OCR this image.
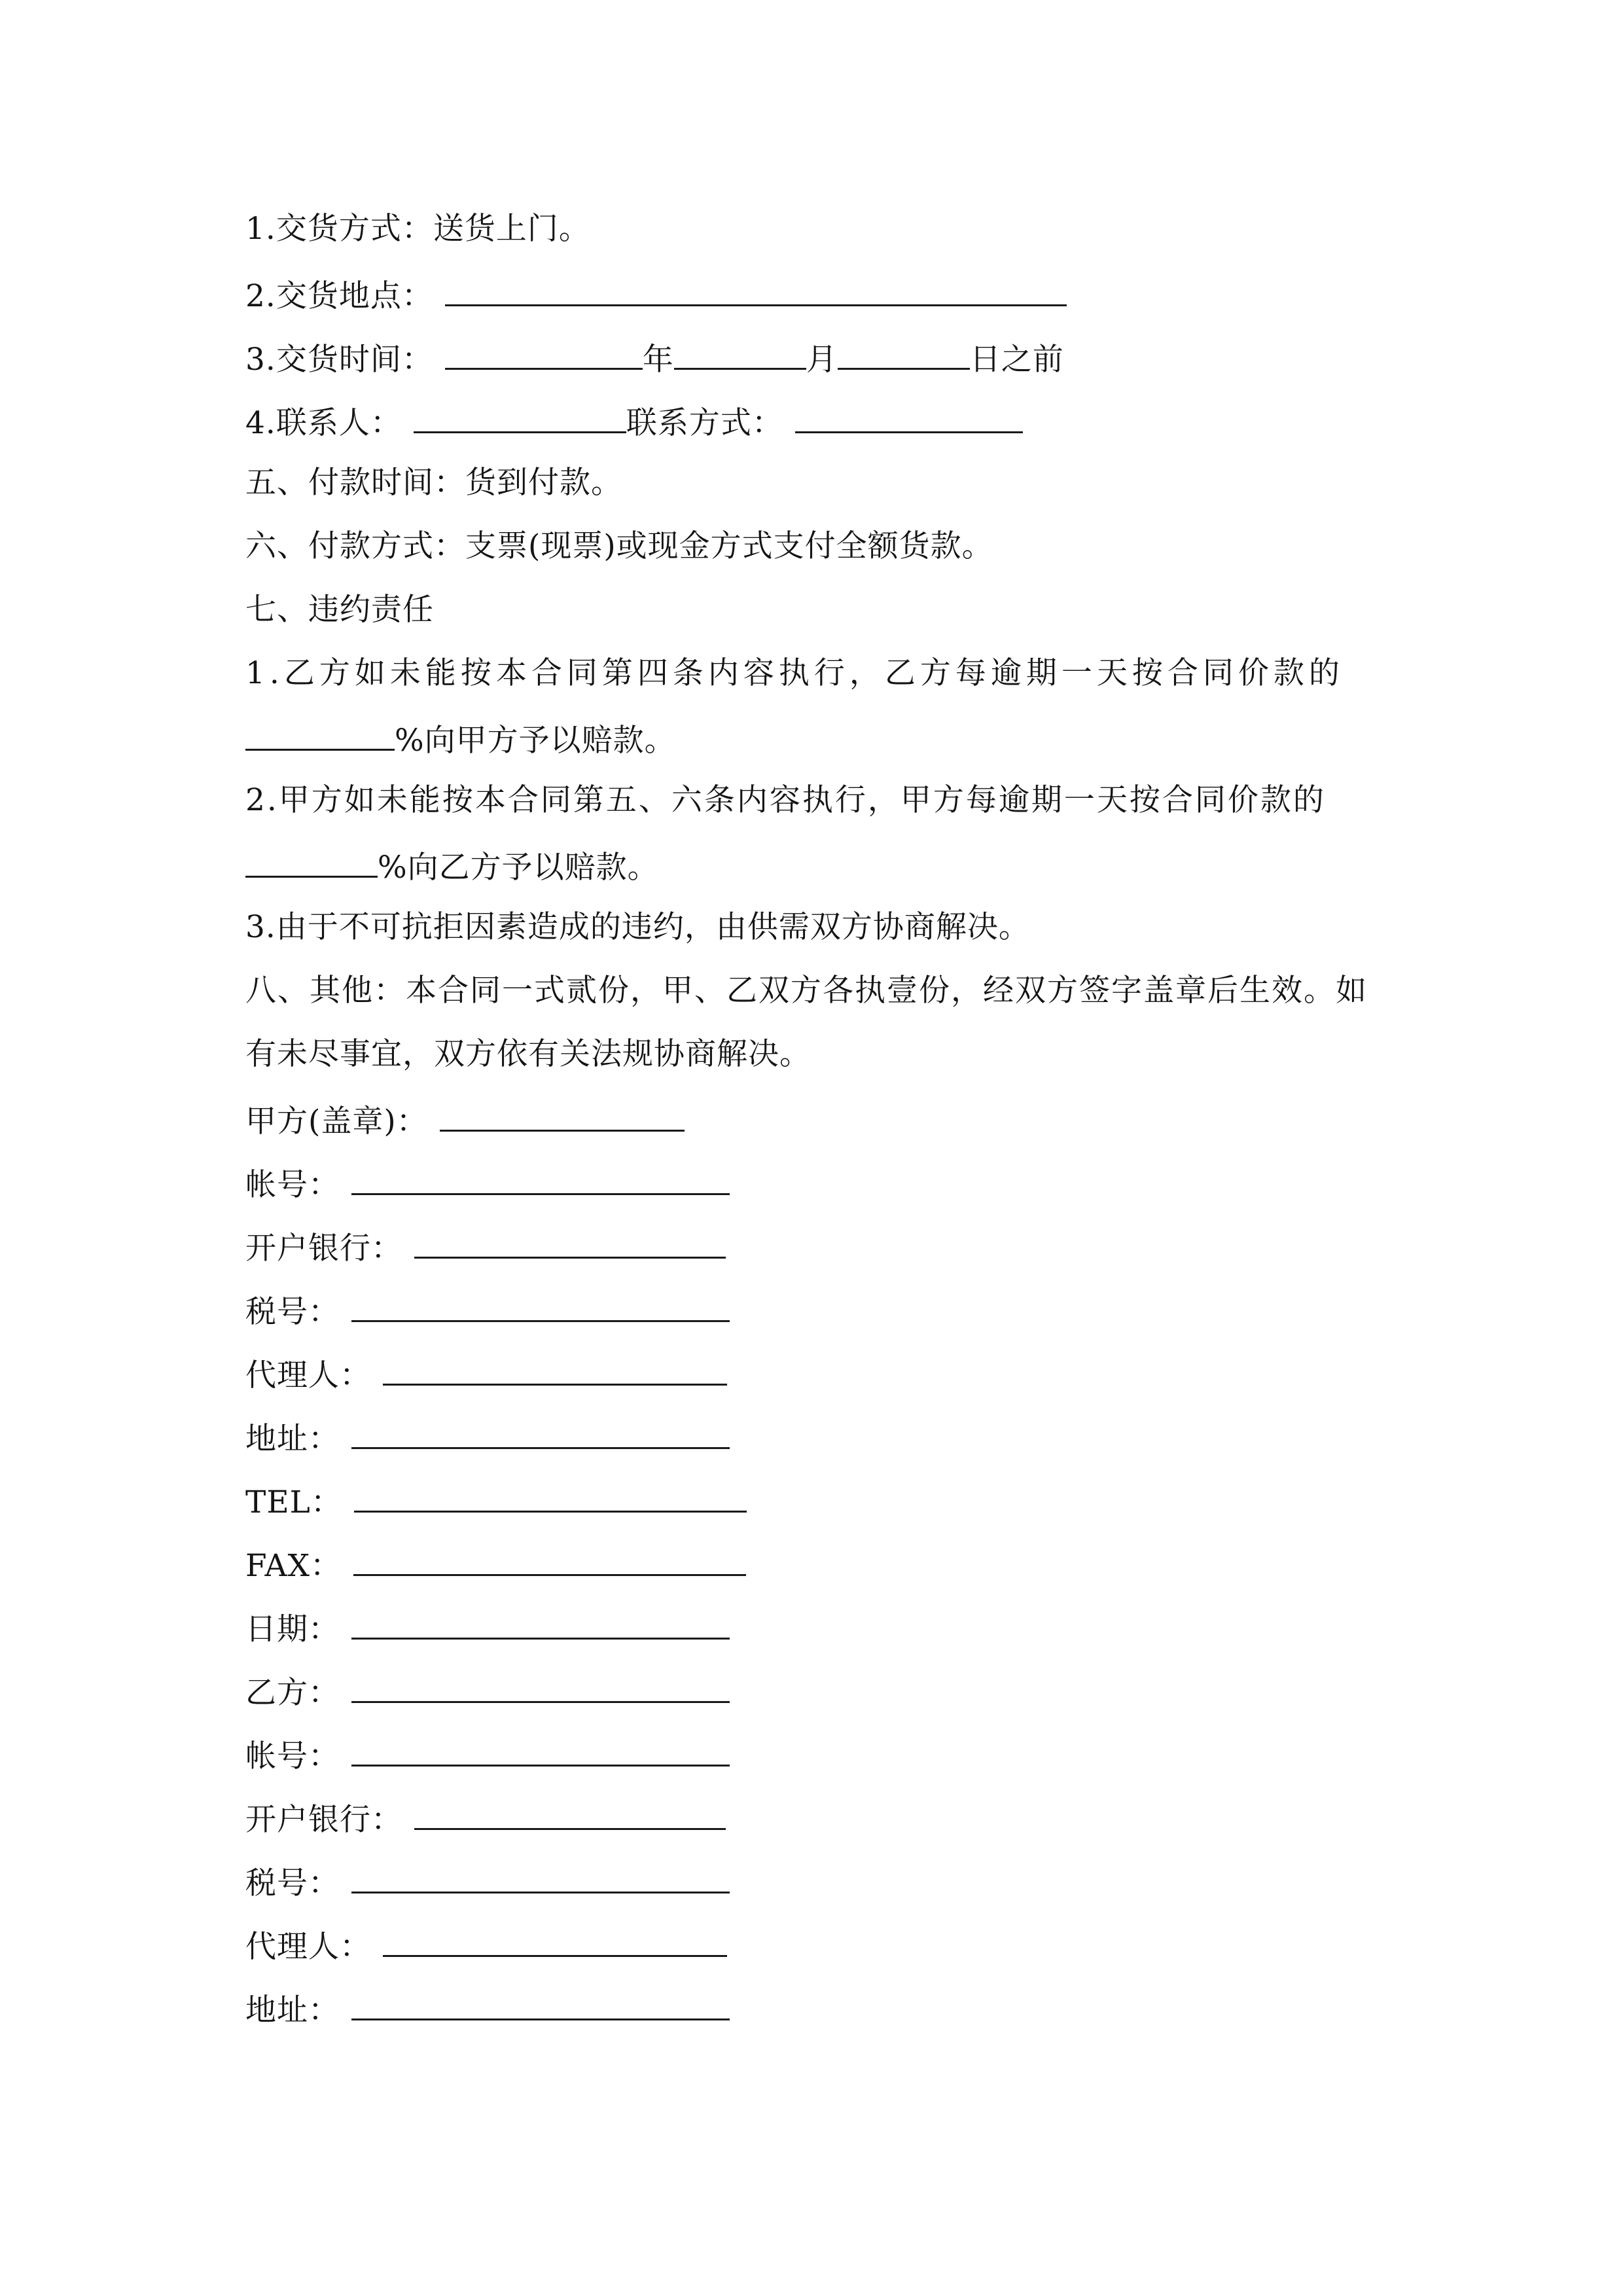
1.交货方式：送货上门。
2.交货地点：
3.交货时间：	年	月	日之前
4.联系人：	联系方式：
五、付款时间：货到付款。
六、付款方式：支票(现票)或现金方式支付全额货款。
七、违约责任
1.乙方如未能按本合同第四条内容执行，乙方每逾期一天按合同价款的
%向甲方予以赔款。
2.甲方如未能按本合同第五、六条内容执行，甲方每逾期一天按合同价款的
%向乙方予以赔款。
3.由于不可抗拒因素造成的违约，由供需双方协商解决。
八、其他：本合同一式贰份，甲、乙双方各执壹份，经双方签字盖章后生效。如
有未尽事宜，双方依有关法规协商解决。
甲方(盖章)：
帐号：
开户银行：
税号：
代理人：
地址：
TEL：
FAX：
日期：
乙方：
帐号：
开户银行：
税号：
代理人：
地址：
